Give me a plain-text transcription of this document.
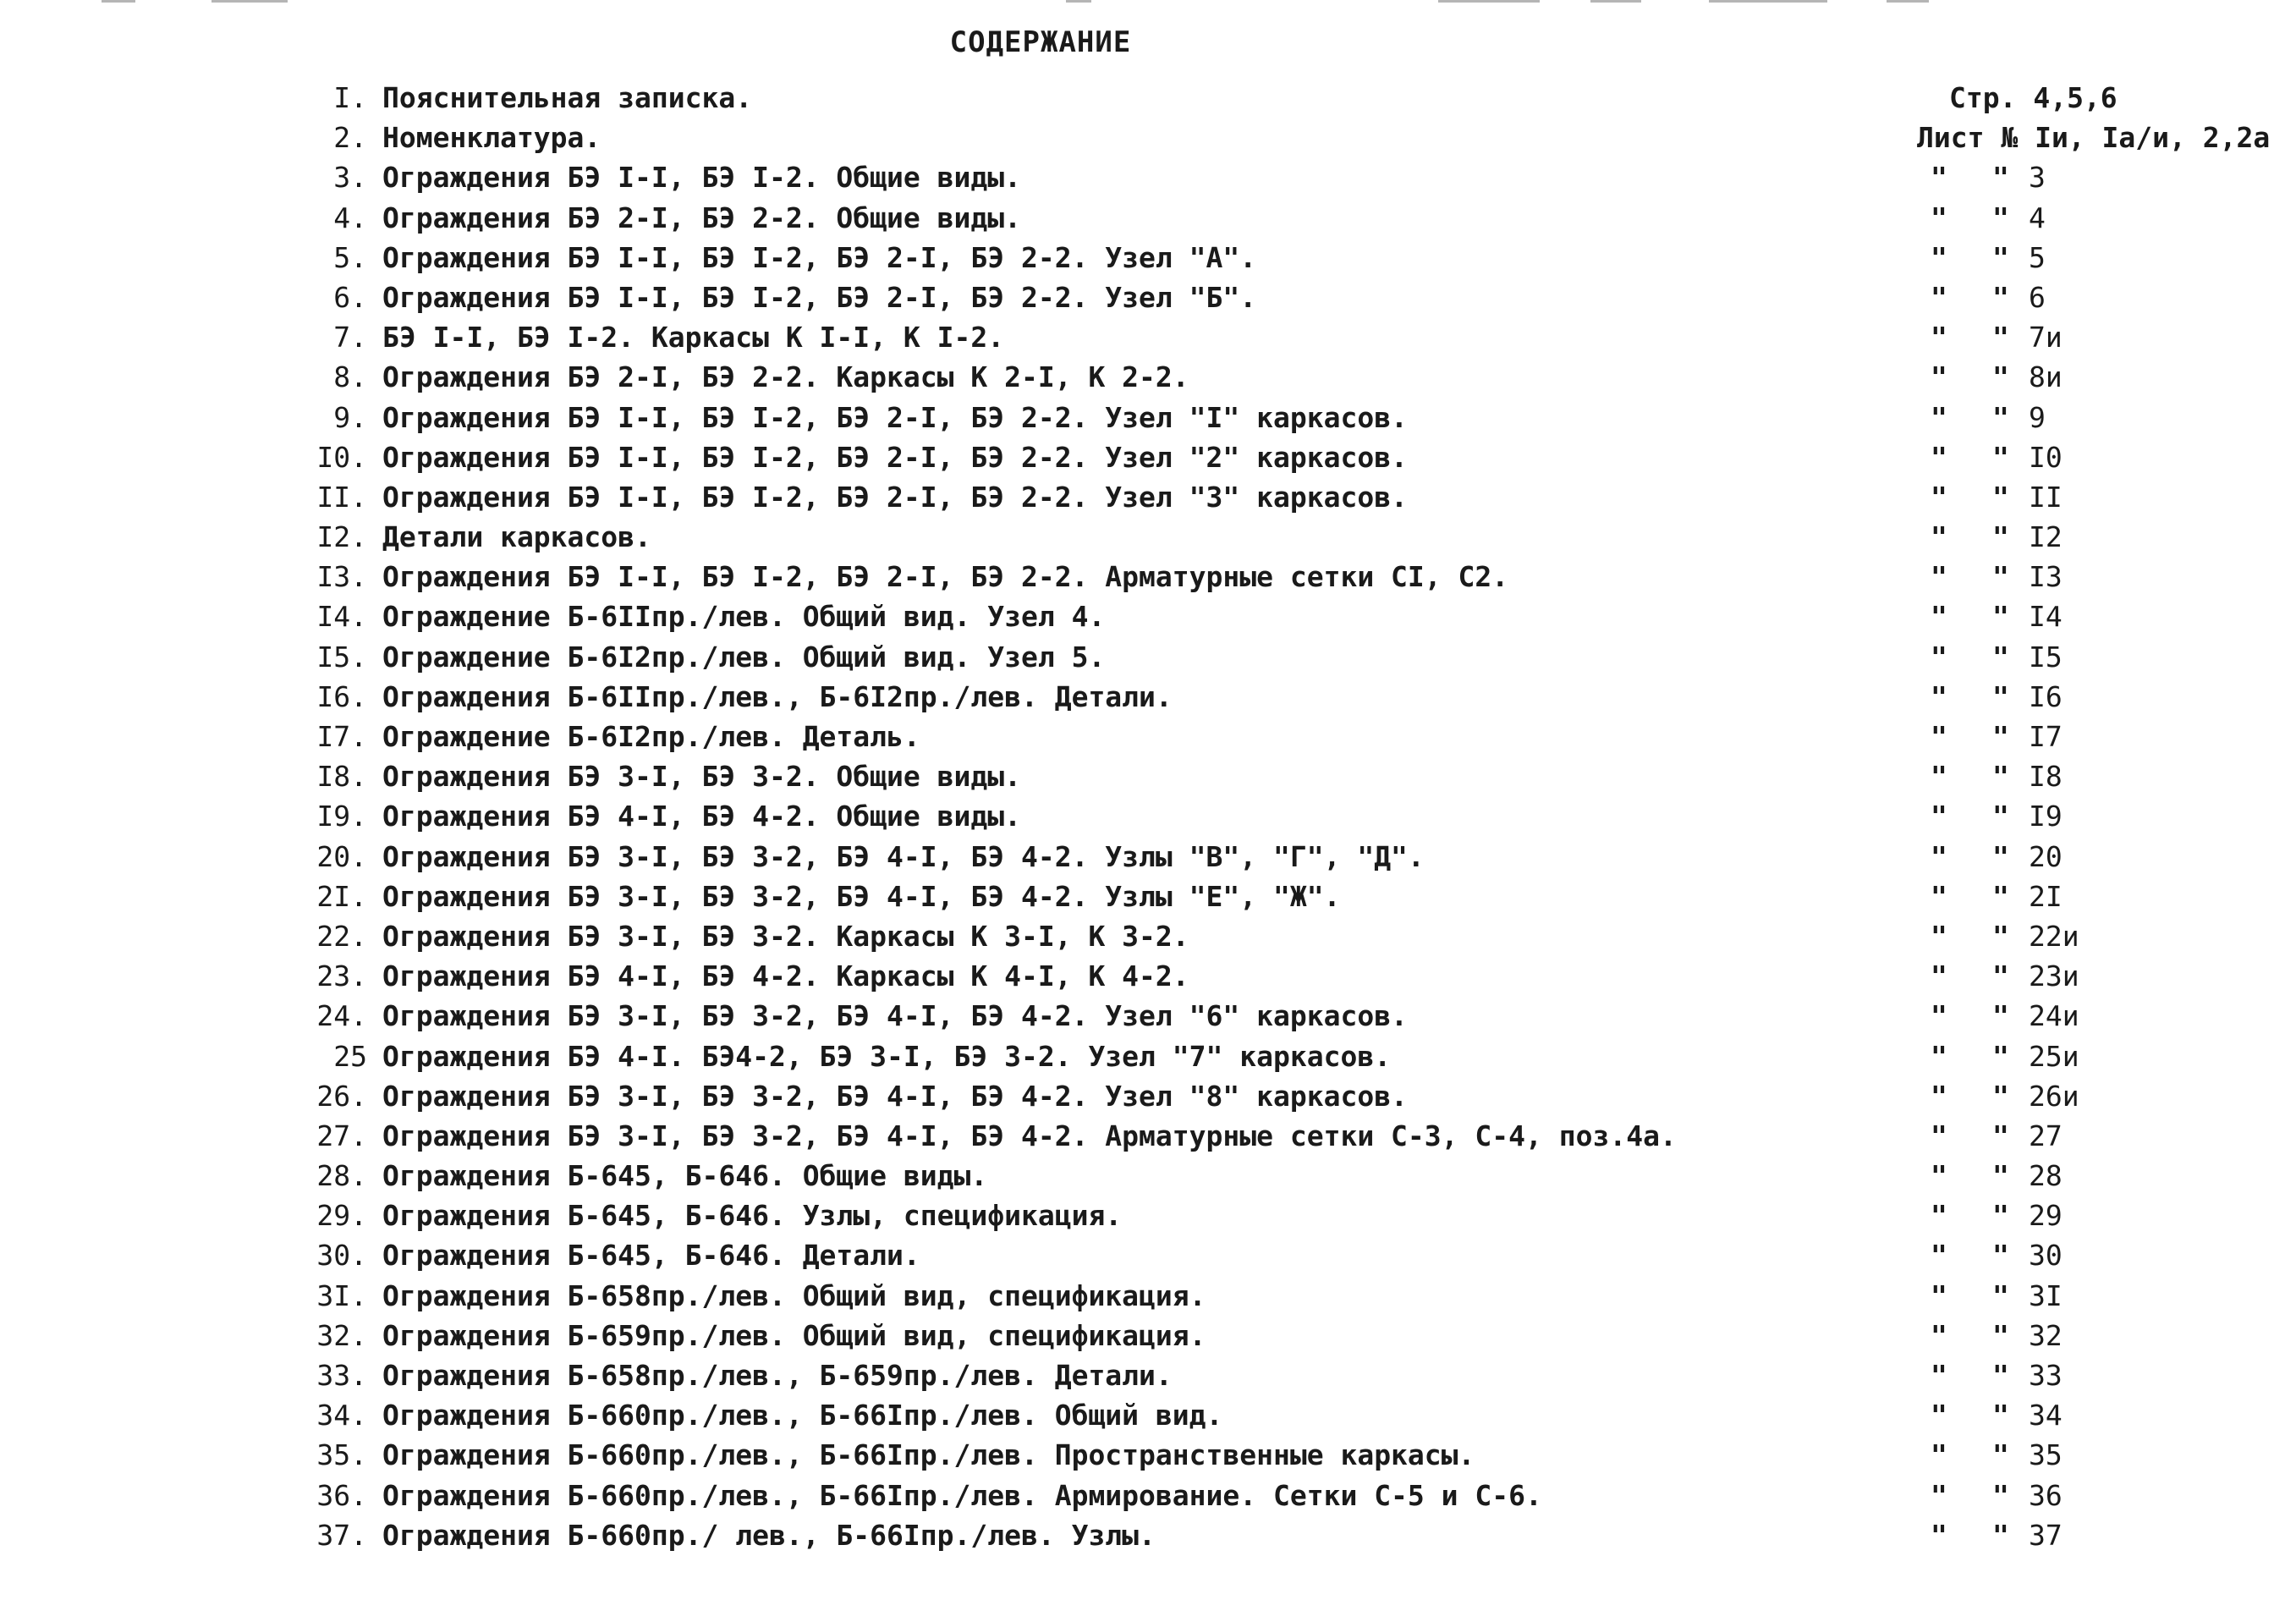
СОДЕРЖАНИЕ
I. Пояснительная записка.	Стр. 4,5,6
2. Номенклатура.	Лист № Iи, Iа/и, 2,2а
3. Ограждения БЭ I-I, БЭ I-2. Общие виды.	" " 3
4. Ограждения БЭ 2-I, БЭ 2-2. Общие виды.	" " 4
5. Ограждения БЭ I-I, БЭ I-2, БЭ 2-I, БЭ 2-2. Узел "А".	" " 5
6. Ограждения БЭ I-I, БЭ I-2, БЭ 2-I, БЭ 2-2. Узел "Б".	" " 6
7. БЭ I-I, БЭ I-2. Каркасы К I-I, К I-2.	" " 7и
8. Ограждения БЭ 2-I, БЭ 2-2. Каркасы К 2-I, К 2-2.	" " 8и
9. Ограждения БЭ I-I, БЭ I-2, БЭ 2-I, БЭ 2-2. Узел "I" каркасов.	" " 9
I0. Ограждения БЭ I-I, БЭ I-2, БЭ 2-I, БЭ 2-2. Узел "2" каркасов.	" " I0
II. Ограждения БЭ I-I, БЭ I-2, БЭ 2-I, БЭ 2-2. Узел "3" каркасов.	" " II
I2. Детали каркасов.	" " I2
I3. Ограждения БЭ I-I, БЭ I-2, БЭ 2-I, БЭ 2-2. Арматурные сетки CI, C2.	" " I3
I4. Ограждение Б-6IIпр./лев. Общий вид. Узел 4.	" " I4
I5. Ограждение Б-6I2пр./лев. Общий вид. Узел 5.	" " I5
I6. Ограждения Б-6IIпр./лев., Б-6I2пр./лев. Детали.	" " I6
I7. Ограждение Б-6I2пр./лев. Деталь.	" " I7
I8. Ограждения БЭ 3-I, БЭ 3-2. Общие виды.	" " I8
I9. Ограждения БЭ 4-I, БЭ 4-2. Общие виды.	" " I9
20. Ограждения БЭ 3-I, БЭ 3-2, БЭ 4-I, БЭ 4-2. Узлы "В", "Г", "Д".	" " 20
2I. Ограждения БЭ 3-I, БЭ 3-2, БЭ 4-I, БЭ 4-2. Узлы "Е", "Ж".	" " 2I
22. Ограждения БЭ 3-I, БЭ 3-2. Каркасы К 3-I, К 3-2.	" " 22и
23. Ограждения БЭ 4-I, БЭ 4-2. Каркасы К 4-I, К 4-2.	" " 23и
24. Ограждения БЭ 3-I, БЭ 3-2, БЭ 4-I, БЭ 4-2. Узел "6" каркасов.	" " 24и
25 Ограждения БЭ 4-I. БЭ4-2, БЭ 3-I, БЭ 3-2. Узел "7" каркасов.	" " 25и
26. Ограждения БЭ 3-I, БЭ 3-2, БЭ 4-I, БЭ 4-2. Узел "8" каркасов.	" " 26и
27. Ограждения БЭ 3-I, БЭ 3-2, БЭ 4-I, БЭ 4-2. Арматурные сетки С-3, С-4, поз.4а.	" " 27
28. Ограждения Б-645, Б-646. Общие виды.	" " 28
29. Ограждения Б-645, Б-646. Узлы, спецификация.	" " 29
30. Ограждения Б-645, Б-646. Детали.	" " 30
3I. Ограждения Б-658пр./лев. Общий вид, спецификация.	" " 3I
32. Ограждения Б-659пр./лев. Общий вид, спецификация.	" " 32
33. Ограждения Б-658пр./лев., Б-659пр./лев. Детали.	" " 33
34. Ограждения Б-660пр./лев., Б-66Iпр./лев. Общий вид.	" " 34
35. Ограждения Б-660пр./лев., Б-66Iпр./лев. Пространственные каркасы.	" " 35
36. Ограждения Б-660пр./лев., Б-66Iпр./лев. Армирование. Сетки С-5 и С-6.	" " 36
37. Ограждения Б-660пр./ лев., Б-66Iпр./лев. Узлы.	" " 37
